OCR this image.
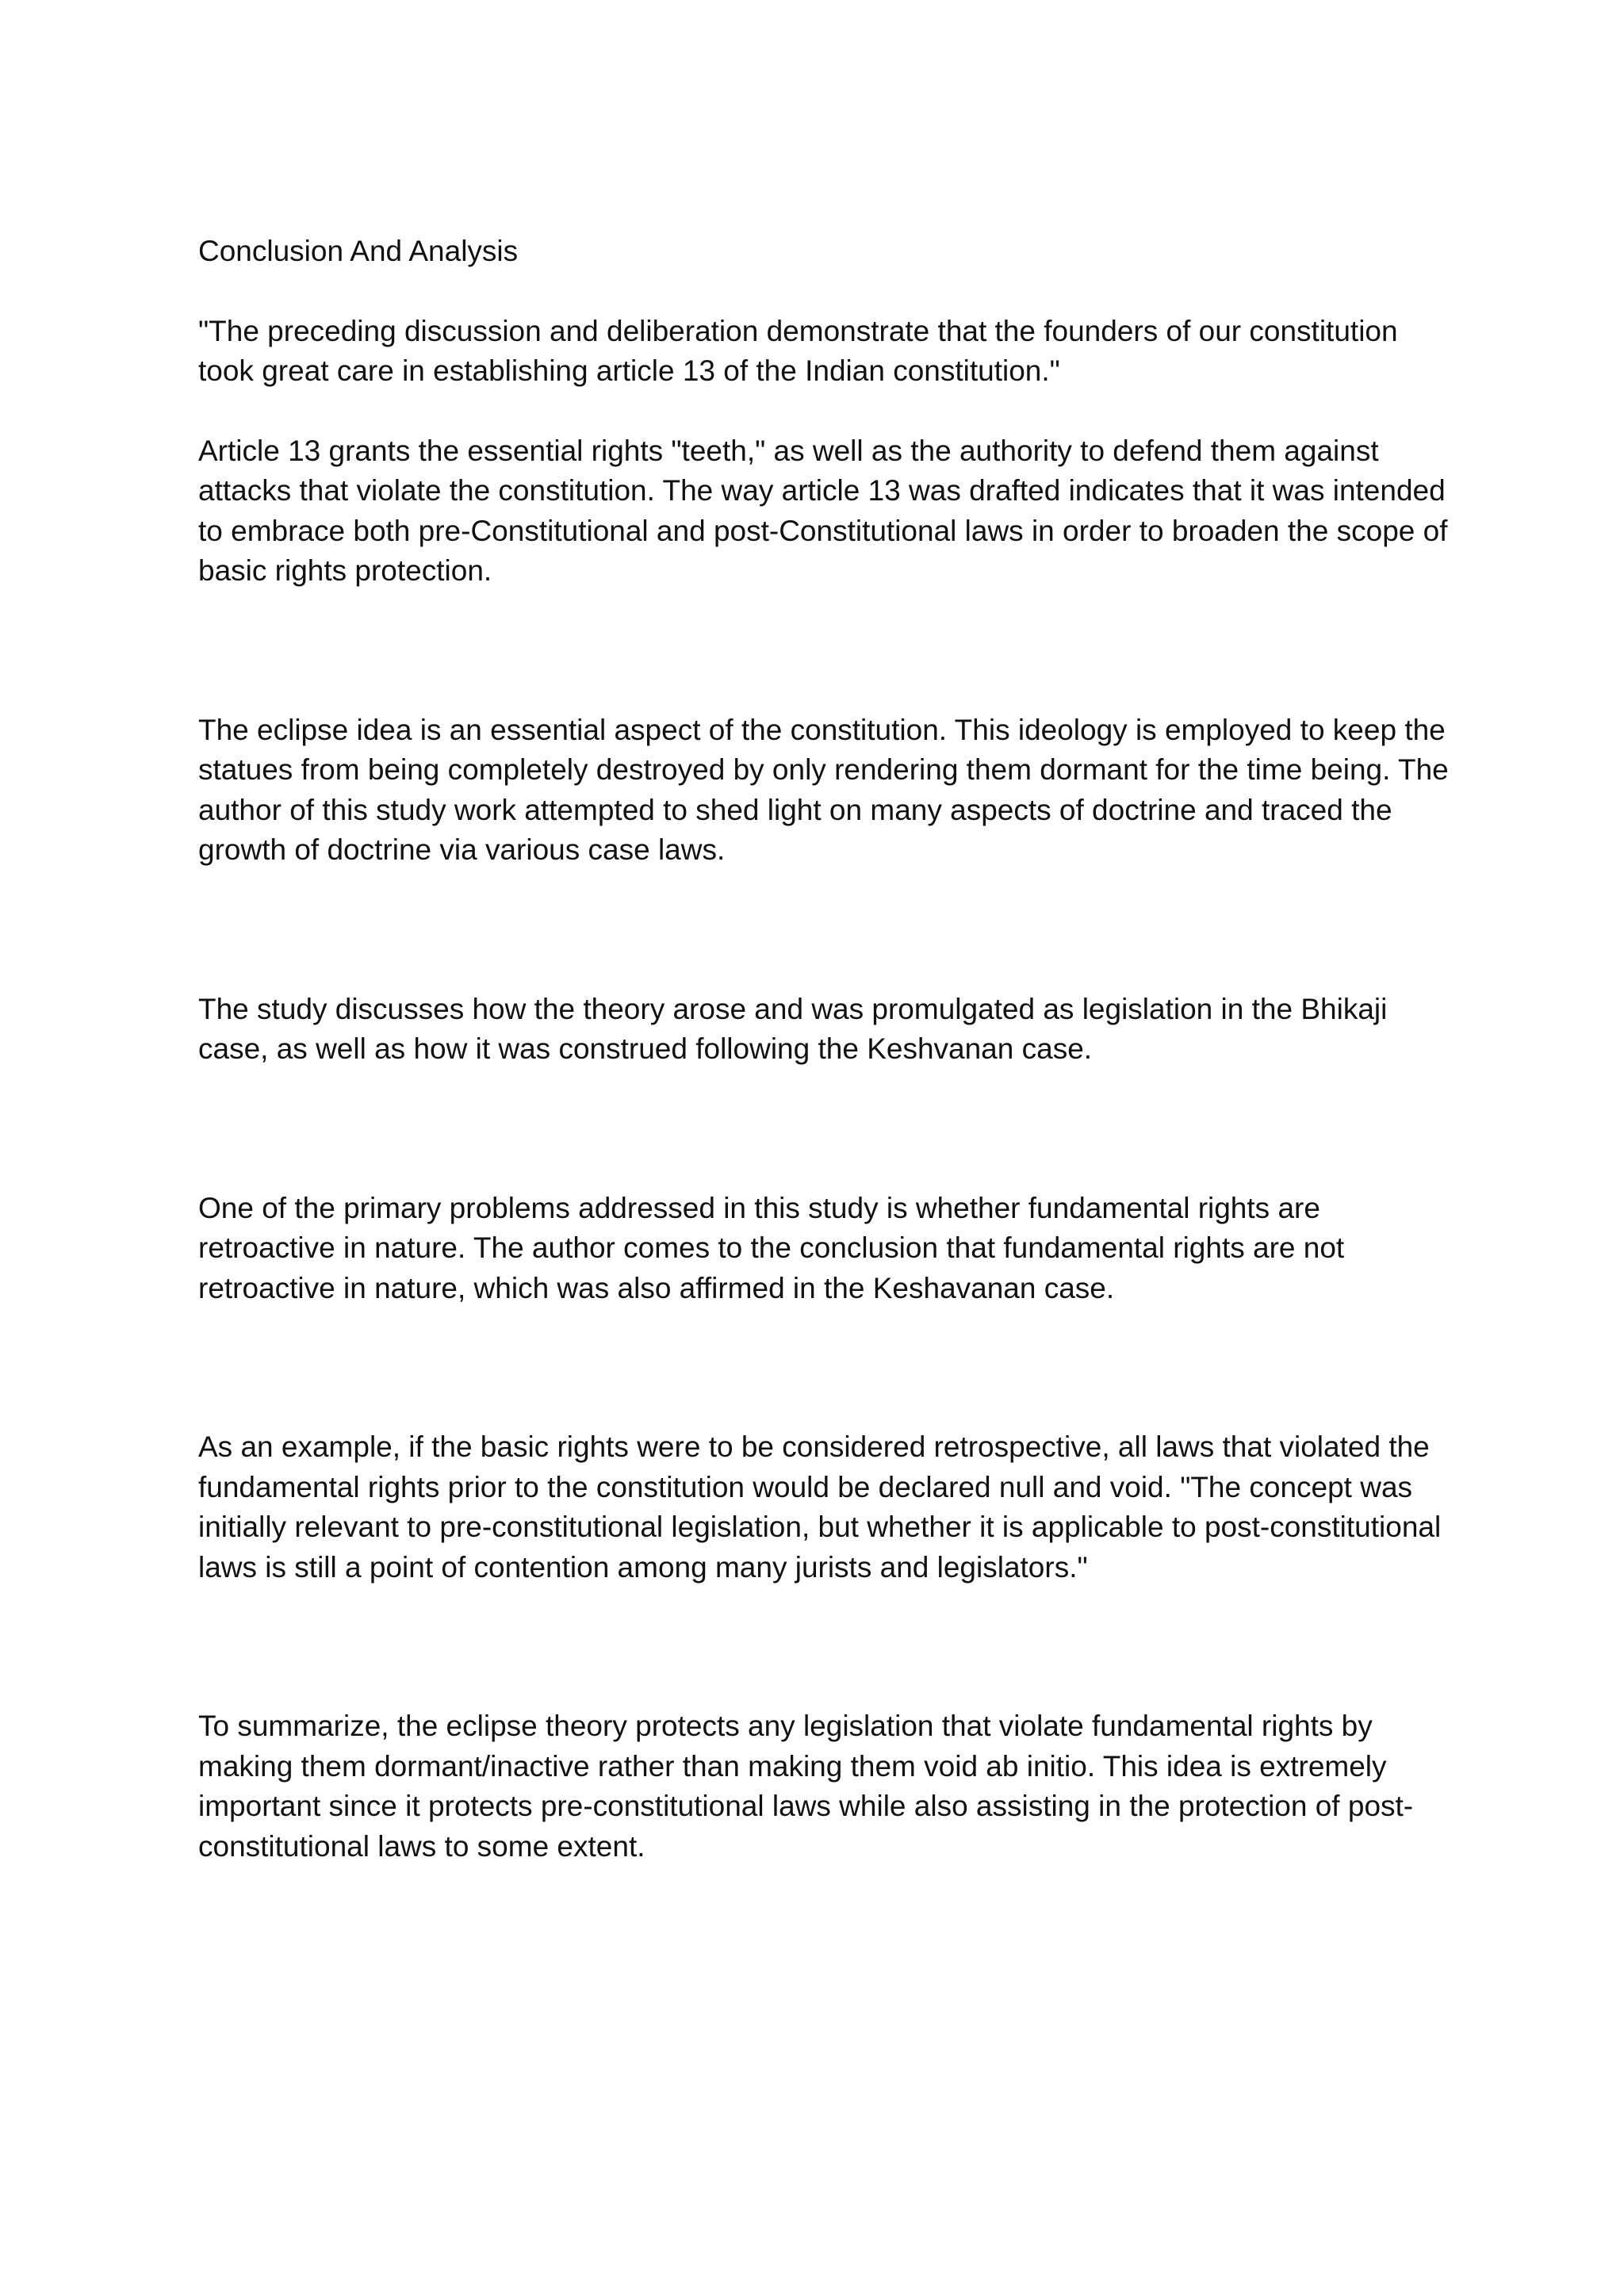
Conclusion And Analysis

"The preceding discussion and deliberation demonstrate that the founders of our constitution took great care in establishing article 13 of the Indian constitution."

Article 13 grants the essential rights "teeth," as well as the authority to defend them against attacks that violate the constitution. The way article 13 was drafted indicates that it was intended to embrace both pre-Constitutional and post-Constitutional laws in order to broaden the scope of basic rights protection.

The eclipse idea is an essential aspect of the constitution. This ideology is employed to keep the statues from being completely destroyed by only rendering them dormant for the time being. The author of this study work attempted to shed light on many aspects of doctrine and traced the growth of doctrine via various case laws.

The study discusses how the theory arose and was promulgated as legislation in the Bhikaji case, as well as how it was construed following the Keshvanan case.

One of the primary problems addressed in this study is whether fundamental rights are retroactive in nature. The author comes to the conclusion that fundamental rights are not retroactive in nature, which was also affirmed in the Keshavanan case.

As an example, if the basic rights were to be considered retrospective, all laws that violated the fundamental rights prior to the constitution would be declared null and void. "The concept was initially relevant to pre-constitutional legislation, but whether it is applicable to post-constitutional laws is still a point of contention among many jurists and legislators."

To summarize, the eclipse theory protects any legislation that violate fundamental rights by making them dormant/inactive rather than making them void ab initio. This idea is extremely important since it protects pre-constitutional laws while also assisting in the protection of post-constitutional laws to some extent.
